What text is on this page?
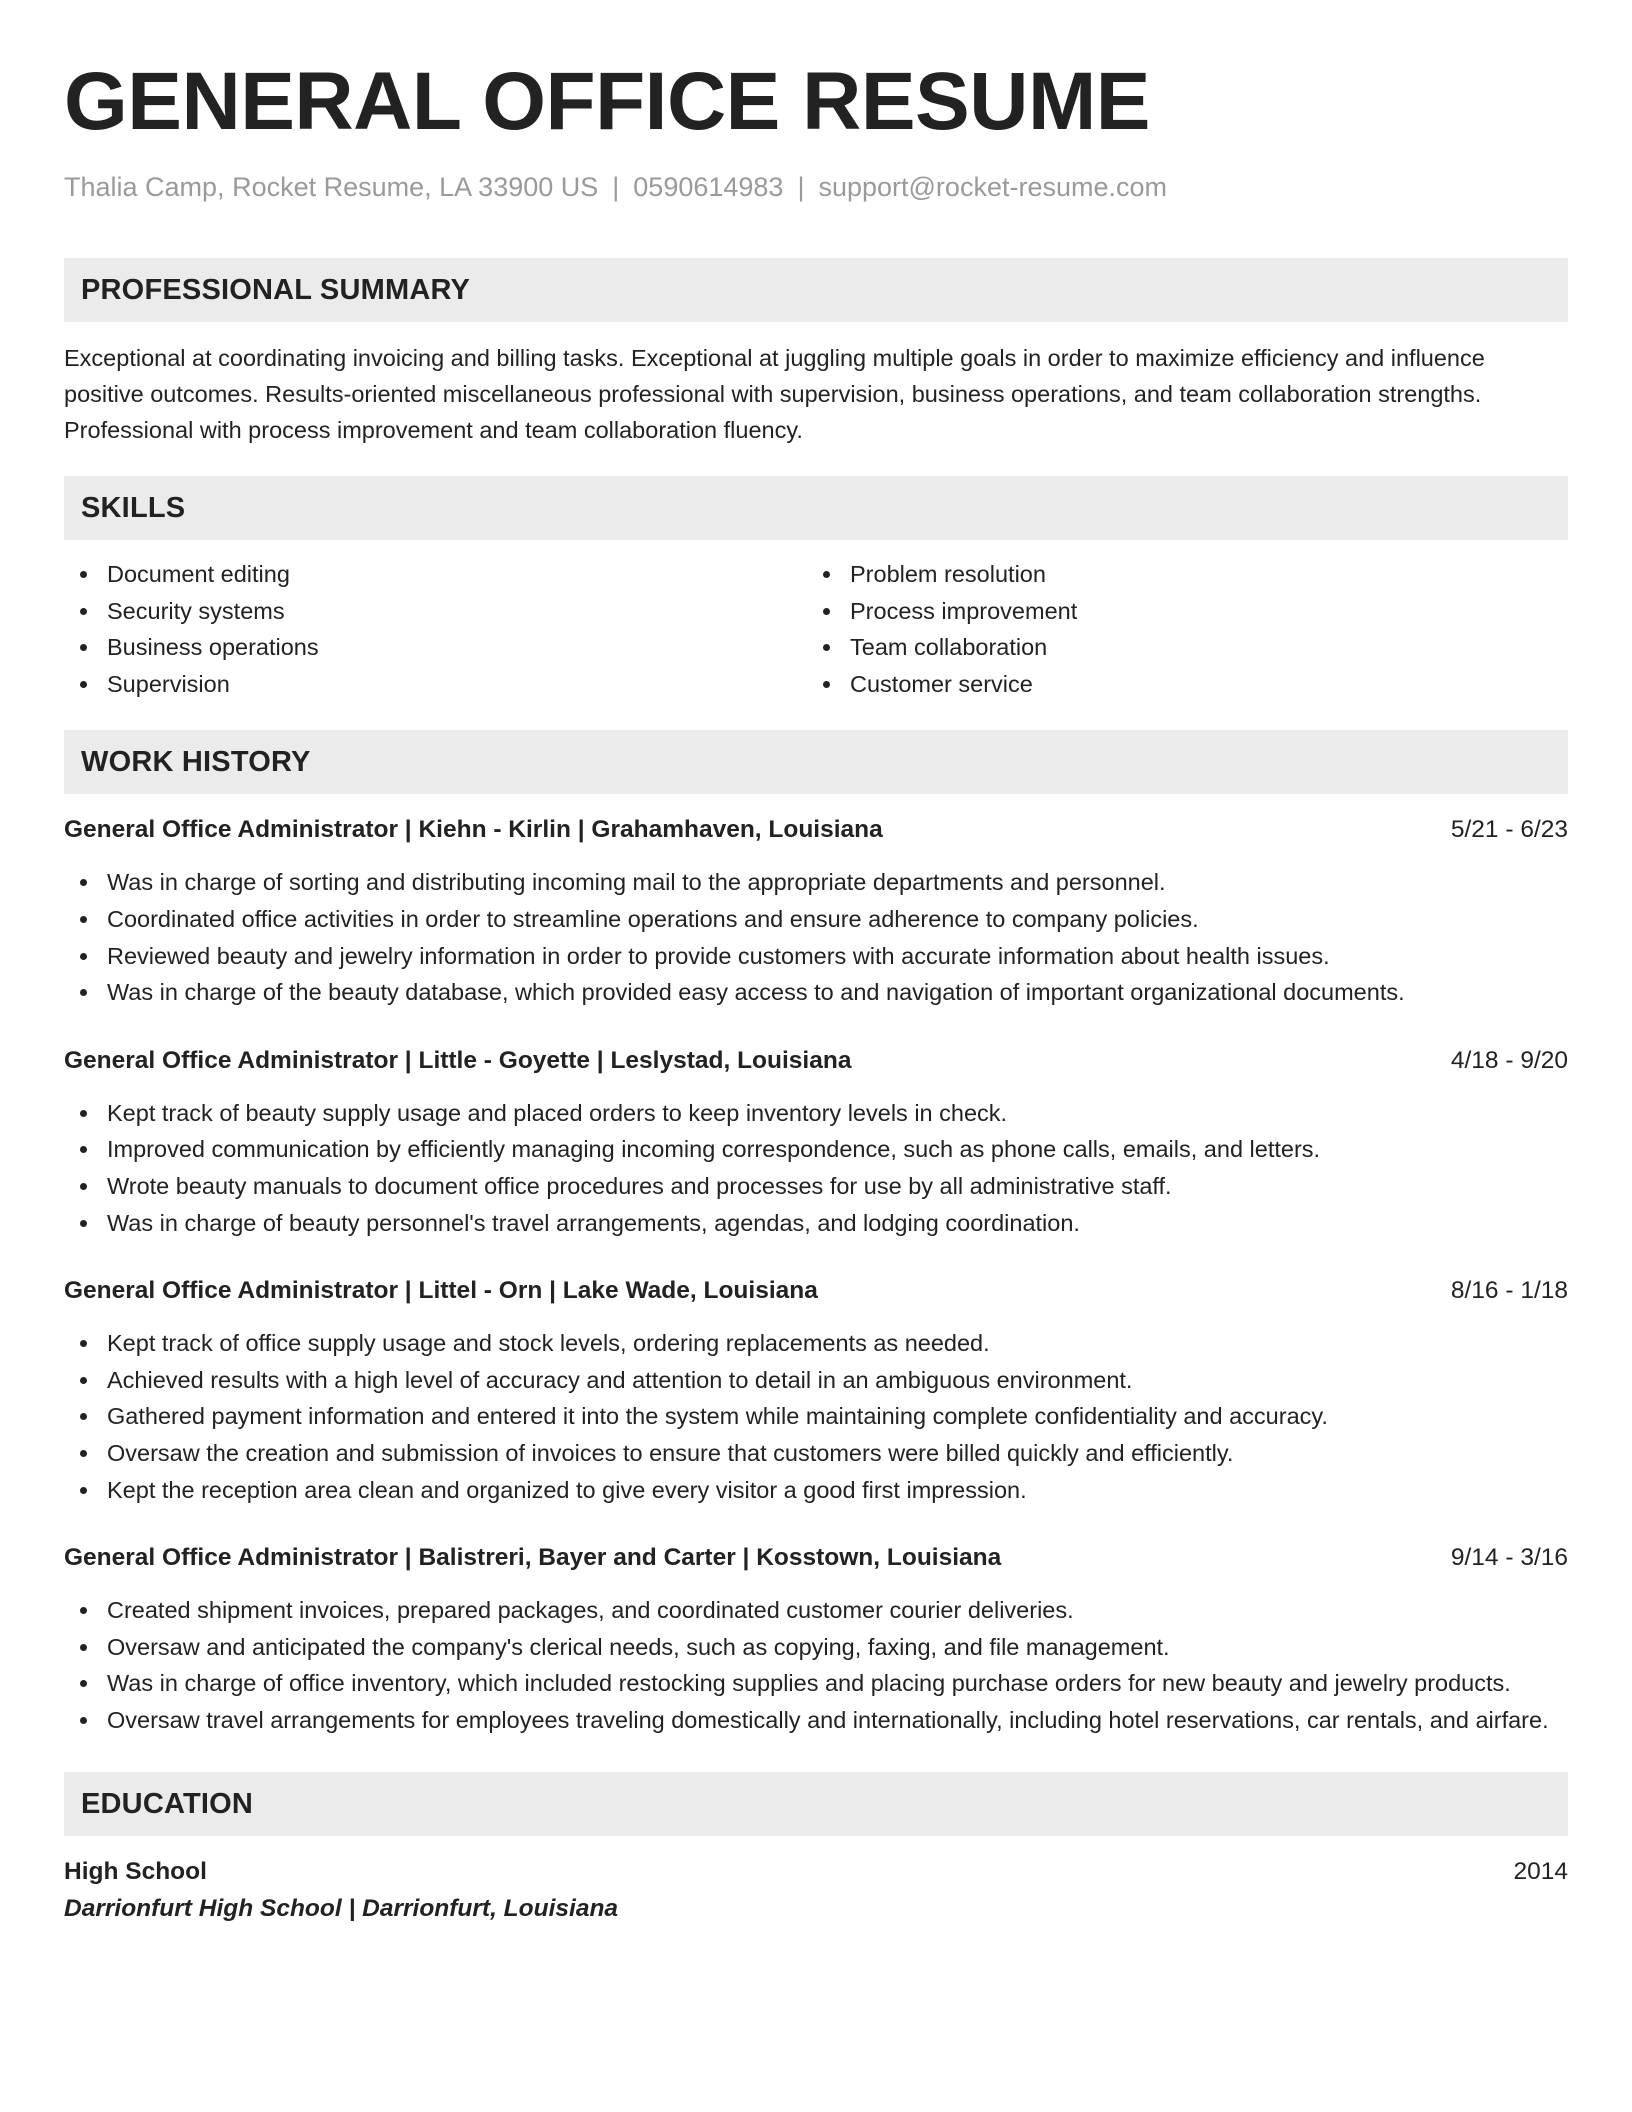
GENERAL OFFICE RESUME
Thalia Camp, Rocket Resume, LA 33900 US | 0590614983 | support@rocket-resume.com
PROFESSIONAL SUMMARY
Exceptional at coordinating invoicing and billing tasks. Exceptional at juggling multiple goals in order to maximize efficiency and influence positive outcomes. Results-oriented miscellaneous professional with supervision, business operations, and team collaboration strengths. Professional with process improvement and team collaboration fluency.
SKILLS
Document editing
Security systems
Business operations
Supervision
Problem resolution
Process improvement
Team collaboration
Customer service
WORK HISTORY
General Office Administrator | Kiehn - Kirlin | Grahamhaven, Louisiana	5/21 - 6/23
Was in charge of sorting and distributing incoming mail to the appropriate departments and personnel.
Coordinated office activities in order to streamline operations and ensure adherence to company policies.
Reviewed beauty and jewelry information in order to provide customers with accurate information about health issues.
Was in charge of the beauty database, which provided easy access to and navigation of important organizational documents.
General Office Administrator | Little - Goyette | Leslystad, Louisiana	4/18 - 9/20
Kept track of beauty supply usage and placed orders to keep inventory levels in check.
Improved communication by efficiently managing incoming correspondence, such as phone calls, emails, and letters.
Wrote beauty manuals to document office procedures and processes for use by all administrative staff.
Was in charge of beauty personnel's travel arrangements, agendas, and lodging coordination.
General Office Administrator | Littel - Orn | Lake Wade, Louisiana	8/16 - 1/18
Kept track of office supply usage and stock levels, ordering replacements as needed.
Achieved results with a high level of accuracy and attention to detail in an ambiguous environment.
Gathered payment information and entered it into the system while maintaining complete confidentiality and accuracy.
Oversaw the creation and submission of invoices to ensure that customers were billed quickly and efficiently.
Kept the reception area clean and organized to give every visitor a good first impression.
General Office Administrator | Balistreri, Bayer and Carter | Kosstown, Louisiana	9/14 - 3/16
Created shipment invoices, prepared packages, and coordinated customer courier deliveries.
Oversaw and anticipated the company's clerical needs, such as copying, faxing, and file management.
Was in charge of office inventory, which included restocking supplies and placing purchase orders for new beauty and jewelry products.
Oversaw travel arrangements for employees traveling domestically and internationally, including hotel reservations, car rentals, and airfare.
EDUCATION
High School	2014
Darrionfurt High School | Darrionfurt, Louisiana
